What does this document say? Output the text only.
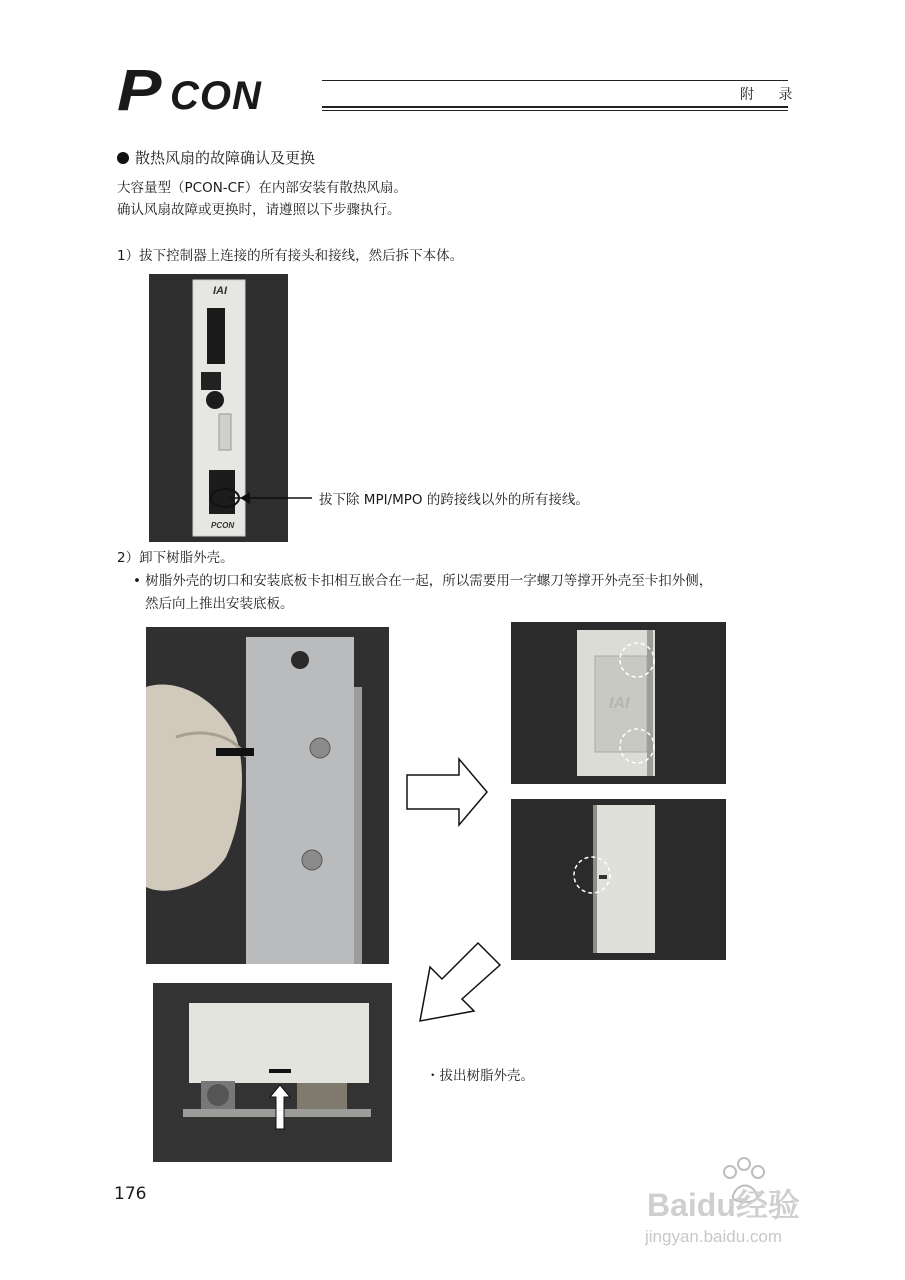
P CON	附 录
散热风扇的故障确认及更换
大容量型（PCON-CF）在内部安装有散热风扇。
确认风扇故障或更换时，请遵照以下步骤执行。
1）拔下控制器上连接的所有接头和接线，然后拆下本体。
IAI
PCON
拔下除 MPI/MPO 的跨接线以外的所有接线。
2）卸下树脂外壳。
• 树脂外壳的切口和安装底板卡扣相互嵌合在一起，所以需要用一字螺刀等撑开外壳至卡扣外侧，
然后向上推出安装底板。
IAI
・拔出树脂外壳。
176	Baidu经验
jingyan.baidu.com
